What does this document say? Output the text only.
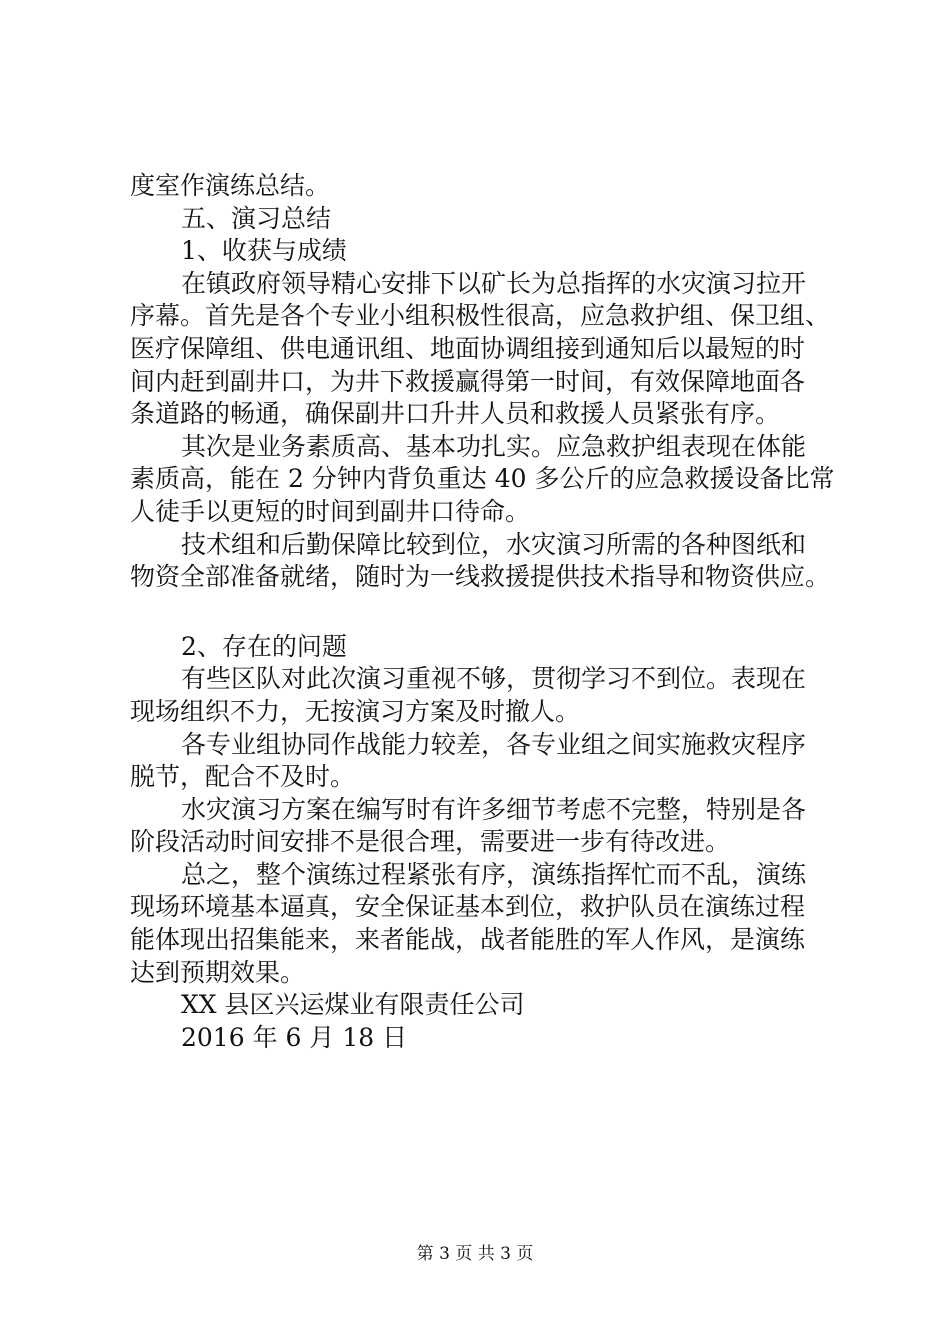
度室作演练总结。
五、演习总结
1、收获与成绩
在镇政府领导精心安排下以矿长为总指挥的水灾演习拉开
序幕。首先是各个专业小组积极性很高，应急救护组、保卫组、
医疗保障组、供电通讯组、地面协调组接到通知后以最短的时
间内赶到副井口，为井下救援赢得第一时间，有效保障地面各
条道路的畅通，确保副井口升井人员和救援人员紧张有序。
其次是业务素质高、基本功扎实。应急救护组表现在体能
素质高，能在 2 分钟内背负重达 40 多公斤的应急救援设备比常
人徒手以更短的时间到副井口待命。
技术组和后勤保障比较到位，水灾演习所需的各种图纸和
物资全部准备就绪，随时为一线救援提供技术指导和物资供应。
2、存在的问题
有些区队对此次演习重视不够，贯彻学习不到位。表现在
现场组织不力，无按演习方案及时撤人。
各专业组协同作战能力较差，各专业组之间实施救灾程序
脱节，配合不及时。
水灾演习方案在编写时有许多细节考虑不完整，特别是各
阶段活动时间安排不是很合理，需要进一步有待改进。
总之，整个演练过程紧张有序，演练指挥忙而不乱，演练
现场环境基本逼真，安全保证基本到位，救护队员在演练过程
能体现出招集能来，来者能战，战者能胜的军人作风，是演练
达到预期效果。
XX 县区兴运煤业有限责任公司
2016 年 6 月 18 日
第 3 页 共 3 页
